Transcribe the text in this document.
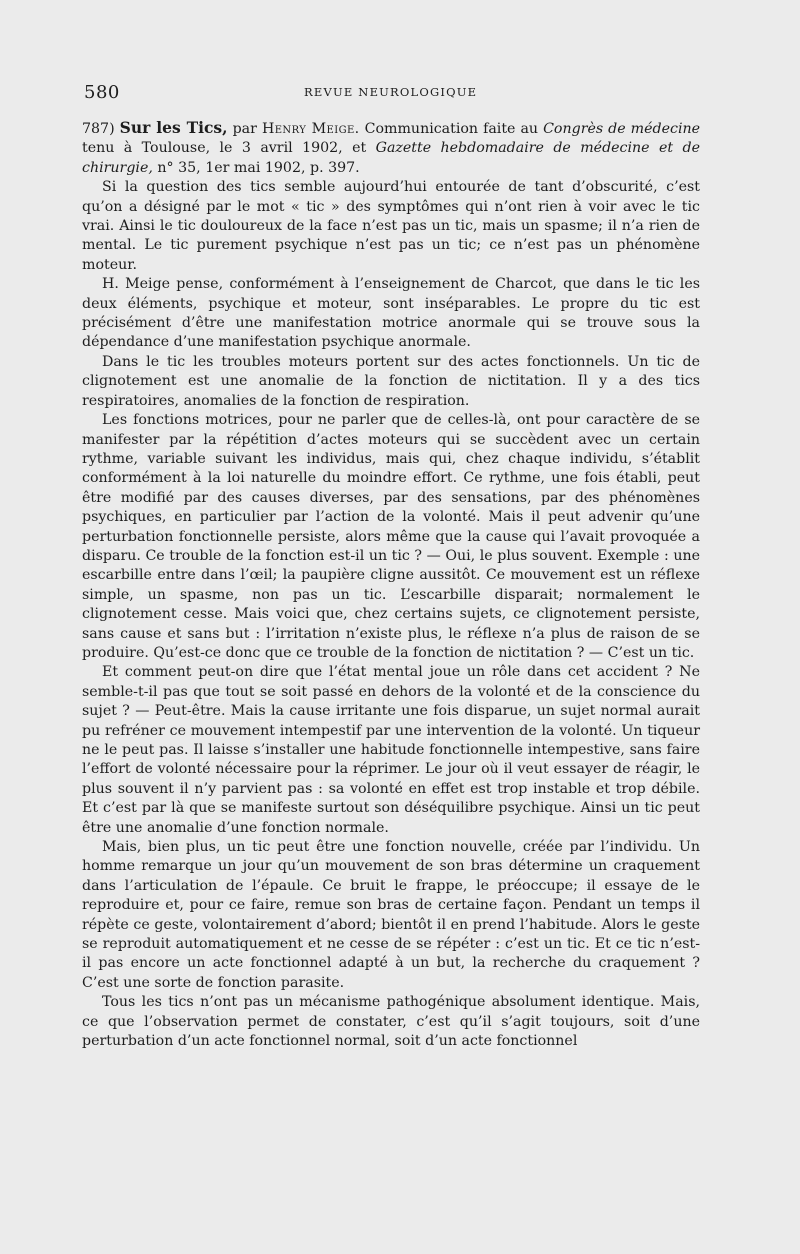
580	REVUE NEUROLOGIQUE

787) Sur les Tics, par Henry Meige. Communication faite au Congrès de médecine tenu à Toulouse, le 3 avril 1902, et Gazette hebdomadaire de médecine et de chirurgie, n° 35, 1er mai 1902, p. 397.

Si la question des tics semble aujourd’hui entourée de tant d’obscurité, c’est qu’on a désigné par le mot « tic » des symptômes qui n’ont rien à voir avec le tic vrai. Ainsi le tic douloureux de la face n’est pas un tic, mais un spasme; il n’a rien de mental. Le tic purement psychique n’est pas un tic; ce n’est pas un phénomène moteur.

H. Meige pense, conformément à l’enseignement de Charcot, que dans le tic les deux éléments, psychique et moteur, sont inséparables. Le propre du tic est précisément d’être une manifestation motrice anormale qui se trouve sous la dépendance d’une manifestation psychique anormale.

Dans le tic les troubles moteurs portent sur des actes fonctionnels. Un tic de clignotement est une anomalie de la fonction de nictitation. Il y a des tics respiratoires, anomalies de la fonction de respiration.

Les fonctions motrices, pour ne parler que de celles-là, ont pour caractère de se manifester par la répétition d’actes moteurs qui se succèdent avec un certain rythme, variable suivant les individus, mais qui, chez chaque individu, s’établit conformément à la loi naturelle du moindre effort. Ce rythme, une fois établi, peut être modifié par des causes diverses, par des sensations, par des phénomènes psychiques, en particulier par l’action de la volonté. Mais il peut advenir qu’une perturbation fonctionnelle persiste, alors même que la cause qui l’avait provoquée a disparu. Ce trouble de la fonction est-il un tic ? — Oui, le plus souvent. Exemple : une escarbille entre dans l’œil; la paupière cligne aussitôt. Ce mouvement est un réflexe simple, un spasme, non pas un tic. L’escarbille disparait; normalement le clignotement cesse. Mais voici que, chez certains sujets, ce clignotement persiste, sans cause et sans but : l’irritation n’existe plus, le réflexe n’a plus de raison de se produire. Qu’est-ce donc que ce trouble de la fonction de nictitation ? — C’est un tic.

Et comment peut-on dire que l’état mental joue un rôle dans cet accident ? Ne semble-t-il pas que tout se soit passé en dehors de la volonté et de la conscience du sujet ? — Peut-être. Mais la cause irritante une fois disparue, un sujet normal aurait pu refréner ce mouvement intempestif par une intervention de la volonté. Un tiqueur ne le peut pas. Il laisse s’installer une habitude fonctionnelle intempestive, sans faire l’effort de volonté nécessaire pour la réprimer. Le jour où il veut essayer de réagir, le plus souvent il n’y parvient pas : sa volonté en effet est trop instable et trop débile. Et c’est par là que se manifeste surtout son déséquilibre psychique. Ainsi un tic peut être une anomalie d’une fonction normale.

Mais, bien plus, un tic peut être une fonction nouvelle, créée par l’individu. Un homme remarque un jour qu’un mouvement de son bras détermine un craquement dans l’articulation de l’épaule. Ce bruit le frappe, le préoccupe; il essaye de le reproduire et, pour ce faire, remue son bras de certaine façon. Pendant un temps il répète ce geste, volontairement d’abord; bientôt il en prend l’habitude. Alors le geste se reproduit automatiquement et ne cesse de se répéter : c’est un tic. Et ce tic n’est-il pas encore un acte fonctionnel adapté à un but, la recherche du craquement ? C’est une sorte de fonction parasite.

Tous les tics n’ont pas un mécanisme pathogénique absolument identique. Mais, ce que l’observation permet de constater, c’est qu’il s’agit toujours, soit d’une perturbation d’un acte fonctionnel normal, soit d’un acte fonctionnel
